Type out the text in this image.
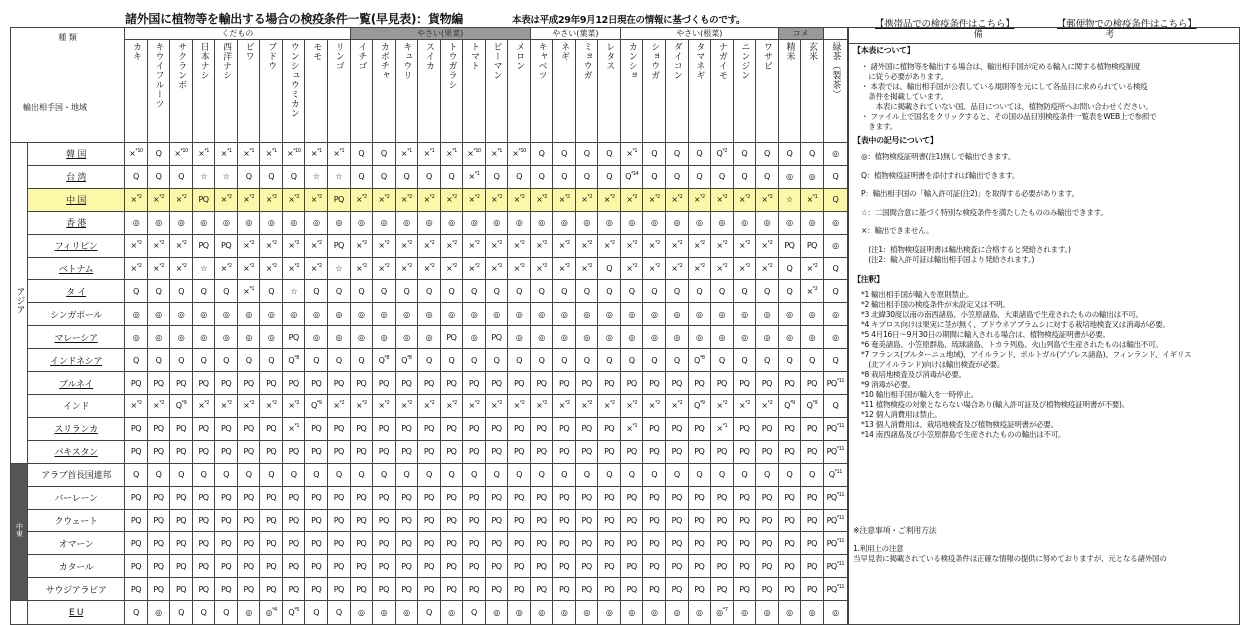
諸外国に植物等を輸出する場合の検疫条件一覧(早見表)：貨物編	本表は平成29年9月12日現在の情報に基づくものです。	【携帯品での検疫条件はこちら】	【郵便物での検疫条件はこちら】
種 類
輸出相手国・地域		くだもの										やさい(果菜)								やさい(葉菜)				やさい(根菜)							コメ		

		カキ	キウイフルーツ	サクランボ	日本ナシ	西洋ナシ	ビワ	ブドウ	ウンシュウミカン	モモ	リンゴ	イチゴ	カボチャ	キュウリ	スイカ	トウガラシ	トマト	ピーマン	メロン	キャベツ	ネギ	ミョウガ	レタス	カンショ	ショウガ	ダイコン	タマネギ	ナガイモ	ニンジン	ワサビ	精米	玄米	緑茶（製茶）

アジア	韓 国	×$^{*10}$	Q	×$^{*10}$	×$^{*1}$	×$^{*1}$	×$^{*1}$	×$^{*1}$	×$^{*10}$	×$^{*1}$	×$^{*1}$	Q	Q	×$^{*1}$	×$^{*1}$	×$^{*1}$	×$^{*10}$	×$^{*1}$	×$^{*10}$	Q	Q	Q	Q	×$^{*1}$	Q	Q	Q	$Q^{*2}$	Q	Q	Q	Q	◎
	台 湾	Q	Q	Q	☆	☆	Q	Q	Q	☆	☆	Q	Q	Q	Q	Q	×$^{*1}$	Q	Q	Q	Q	Q	Q	$Q^{*14}$	Q	Q	Q	Q	Q	Q	◎	◎	Q
	中 国	×$^{*2}$	×$^{*2}$	×$^{*2}$	PQ	×$^{*2}$	×$^{*2}$	×$^{*2}$	×$^{*2}$	×$^{*2}$	PQ	×$^{*2}$	×$^{*2}$	×$^{*2}$	×$^{*2}$	×$^{*2}$	×$^{*2}$	×$^{*2}$	×$^{*2}$	×$^{*2}$	×$^{*2}$	×$^{*2}$	×$^{*2}$	×$^{*2}$	×$^{*2}$	×$^{*2}$	×$^{*2}$	×$^{*2}$	×$^{*2}$	×$^{*2}$	☆	×$^{*1}$	Q
	香 港	◎	◎	◎	◎	◎	◎	◎	◎	◎	◎	◎	◎	◎	◎	◎	◎	◎	◎	◎	◎	◎	◎	◎	◎	◎	◎	◎	◎	◎	◎	◎	◎
	フィリピン	×$^{*2}$	×$^{*2}$	×$^{*2}$	PQ	PQ	×$^{*2}$	×$^{*2}$	×$^{*2}$	×$^{*2}$	PQ	×$^{*2}$	×$^{*2}$	×$^{*2}$	×$^{*2}$	×$^{*2}$	×$^{*2}$	×$^{*2}$	×$^{*2}$	×$^{*2}$	×$^{*2}$	×$^{*2}$	×$^{*2}$	×$^{*2}$	×$^{*2}$	×$^{*2}$	×$^{*2}$	×$^{*2}$	×$^{*2}$	×$^{*2}$	PQ	PQ	◎
	ベトナム	×$^{*2}$	×$^{*2}$	×$^{*2}$	☆	×$^{*2}$	×$^{*2}$	×$^{*2}$	×$^{*2}$	×$^{*2}$	☆	×$^{*2}$	×$^{*2}$	×$^{*2}$	×$^{*2}$	×$^{*2}$	×$^{*2}$	×$^{*2}$	×$^{*2}$	×$^{*2}$	×$^{*2}$	×$^{*2}$	Q	×$^{*2}$	×$^{*2}$	×$^{*2}$	×$^{*2}$	×$^{*2}$	×$^{*2}$	×$^{*2}$	Q	×$^{*2}$	Q
	タ イ	Q	Q	Q	Q	Q	×$^{*1}$	Q	☆	Q	Q	Q	Q	Q	Q	Q	Q	Q	Q	Q	Q	Q	Q	Q	Q	Q	Q	Q	Q	Q	Q	×$^{*2}$	Q
	シンガポール	◎	◎	◎	◎	◎	◎	◎	◎	◎	◎	◎	◎	◎	◎	◎	◎	◎	◎	◎	◎	◎	◎	◎	◎	◎	◎	◎	◎	◎	◎	◎	◎
	マレーシア	◎	◎	◎	◎	◎	◎	◎	PQ	◎	◎	◎	◎	◎	◎	PQ	◎	PQ	◎	◎	◎	◎	◎	◎	◎	◎	◎	◎	◎	◎	◎	◎	◎
	インドネシア	Q	Q	Q	Q	Q	Q	Q	$Q^{*8}$	Q	Q	Q	$Q^{*8}$	$Q^{*8}$	Q	Q	Q	Q	Q	Q	Q	Q	Q	Q	Q	Q	$Q^{*8}$	Q	Q	Q	Q	Q	Q
	ブルネイ	PQ	PQ	PQ	PQ	PQ	PQ	PQ	PQ	PQ	PQ	PQ	PQ	PQ	PQ	PQ	PQ	PQ	PQ	PQ	PQ	PQ	PQ	PQ	PQ	PQ	PQ	PQ	PQ	PQ	PQ	PQ	PQ$^{*11}$
	インド	×$^{*2}$	×$^{*2}$	$Q^{*9}$	×$^{*2}$	×$^{*2}$	×$^{*2}$	×$^{*2}$	×$^{*2}$	$Q^{*9}$	×$^{*2}$	×$^{*2}$	×$^{*2}$	×$^{*2}$	×$^{*2}$	×$^{*2}$	×$^{*2}$	×$^{*2}$	×$^{*2}$	×$^{*2}$	×$^{*2}$	×$^{*2}$	×$^{*2}$	×$^{*2}$	×$^{*2}$	×$^{*2}$	$Q^{*9}$	×$^{*2}$	×$^{*2}$	×$^{*2}$	$Q^{*9}$	$Q^{*9}$	Q
	スリランカ	PQ	PQ	PQ	PQ	PQ	PQ	PQ	×$^{*1}$	PQ	PQ	PQ	PQ	PQ	PQ	PQ	PQ	PQ	PQ	PQ	PQ	PQ	PQ	×$^{*1}$	PQ	PQ	PQ	×$^{*1}$	PQ	PQ	PQ	PQ	PQ$^{*11}$
	パキスタン	PQ	PQ	PQ	PQ	PQ	PQ	PQ	PQ	PQ	PQ	PQ	PQ	PQ	PQ	PQ	PQ	PQ	PQ	PQ	PQ	PQ	PQ	PQ	PQ	PQ	PQ	PQ	PQ	PQ	PQ	PQ	PQ$^{*11}$
中東	アラブ首長国連邦	Q	Q	Q	Q	Q	Q	Q	Q	Q	Q	Q	Q	Q	Q	Q	Q	Q	Q	Q	Q	Q	Q	Q	Q	Q	Q	Q	Q	Q	Q	Q	$Q^{*11}$
	バーレーン	PQ	PQ	PQ	PQ	PQ	PQ	PQ	PQ	PQ	PQ	PQ	PQ	PQ	PQ	PQ	PQ	PQ	PQ	PQ	PQ	PQ	PQ	PQ	PQ	PQ	PQ	PQ	PQ	PQ	PQ	PQ	PQ$^{*11}$
	クウェート	PQ	PQ	PQ	PQ	PQ	PQ	PQ	PQ	PQ	PQ	PQ	PQ	PQ	PQ	PQ	PQ	PQ	PQ	PQ	PQ	PQ	PQ	PQ	PQ	PQ	PQ	PQ	PQ	PQ	PQ	PQ	PQ$^{*11}$
	オマーン	PQ	PQ	PQ	PQ	PQ	PQ	PQ	PQ	PQ	PQ	PQ	PQ	PQ	PQ	PQ	PQ	PQ	PQ	PQ	PQ	PQ	PQ	PQ	PQ	PQ	PQ	PQ	PQ	PQ	PQ	PQ	PQ$^{*11}$
	カタール	PQ	PQ	PQ	PQ	PQ	PQ	PQ	PQ	PQ	PQ	PQ	PQ	PQ	PQ	PQ	PQ	PQ	PQ	PQ	PQ	PQ	PQ	PQ	PQ	PQ	PQ	PQ	PQ	PQ	PQ	PQ	PQ$^{*11}$
	サウジアラビア	PQ	PQ	PQ	PQ	PQ	PQ	PQ	PQ	PQ	PQ	PQ	PQ	PQ	PQ	PQ	PQ	PQ	PQ	PQ	PQ	PQ	PQ	PQ	PQ	PQ	PQ	PQ	PQ	PQ	PQ	PQ	PQ$^{*11}$
	E U	Q	◎	Q	Q	Q	◎	◎$^{*4}$	$Q^{*5}$	Q	Q	◎	◎	◎	Q	◎	Q	◎	◎	◎	◎	◎	◎	◎	◎	◎	◎	◎$^{*7}$	◎	◎	◎	◎	◎
備 考

【本表について】

・ 諸外国に植物等を輸出する場合は、輸出相手国が定める輸入に関する植物検疫制度

　に従う必要があります。

・ 本表では、輸出相手国が公表している規則等を元にして各品目に求められている検疫

　条件を掲載しています。

　　本表に掲載されていない国、品目については、植物防疫所へお問い合わせください。

・ ファイル上で国名をクリックすると、その国の品目別検疫条件一覧表をWEB上で参照で

　きます。

【表中の記号について】

◎：植物検疫証明書(注1)無しで輸出できます。

Q：植物検疫証明書を添付すれば輸出できます。

P：輸出相手国の「輸入許可証(注2)」を取得する必要があります。

☆：二国間合意に基づく特別な検疫条件を満たしたもののみ輸出できます。

×：輸出できません。

　(注1：植物検疫証明書は輸出検査に合格すると発給されます。)

　(注2：輸入許可証は輸出相手国より発給されます。)

【注釈】

*1 輸出相手国が輸入を原則禁止。

*2 輸出相手国の検疫条件が未設定又は不明。

*3 北緯30度以南の南西諸島、小笠原諸島、大東諸島で生産されたものの輸出は不可。

*4 キプロス向けは果実に茎が無く、ブドウネアブラムシに対する栽培地検査又は消毒が必要。

*5 4月16日～9月30日の期間に輸入される場合は、植物検疫証明書が必要。

*6 奄美諸島、小笠原群島、琉球諸島、トカラ列島、火山列島で生産されたものは輸出不可。

*7 フランス(ブルターニュ地域)、アイルランド、ポルトガル(アゾレス諸島)、フィンランド、イギリス

　(北アイルランド)向けは輸出検査が必要。

*8 栽培地検査及び消毒が必要。

*9 消毒が必要。

*10 輸出相手国が輸入を一時停止。

*11 植物検疫の対象とならない場合あり(輸入許可証及び植物検疫証明書が不要)。

*12 個人消費用は禁止。

*13 個人消費用は、栽培地検査及び植物検疫証明書が必要。

*14 南西諸島及び小笠原群島で生産されたものの輸出は不可。

※注意事項・ご利用方法

1.利用上の注意

当早見表に掲載されている検疫条件は正確な情報の提供に努めておりますが、元となる諸外国の
